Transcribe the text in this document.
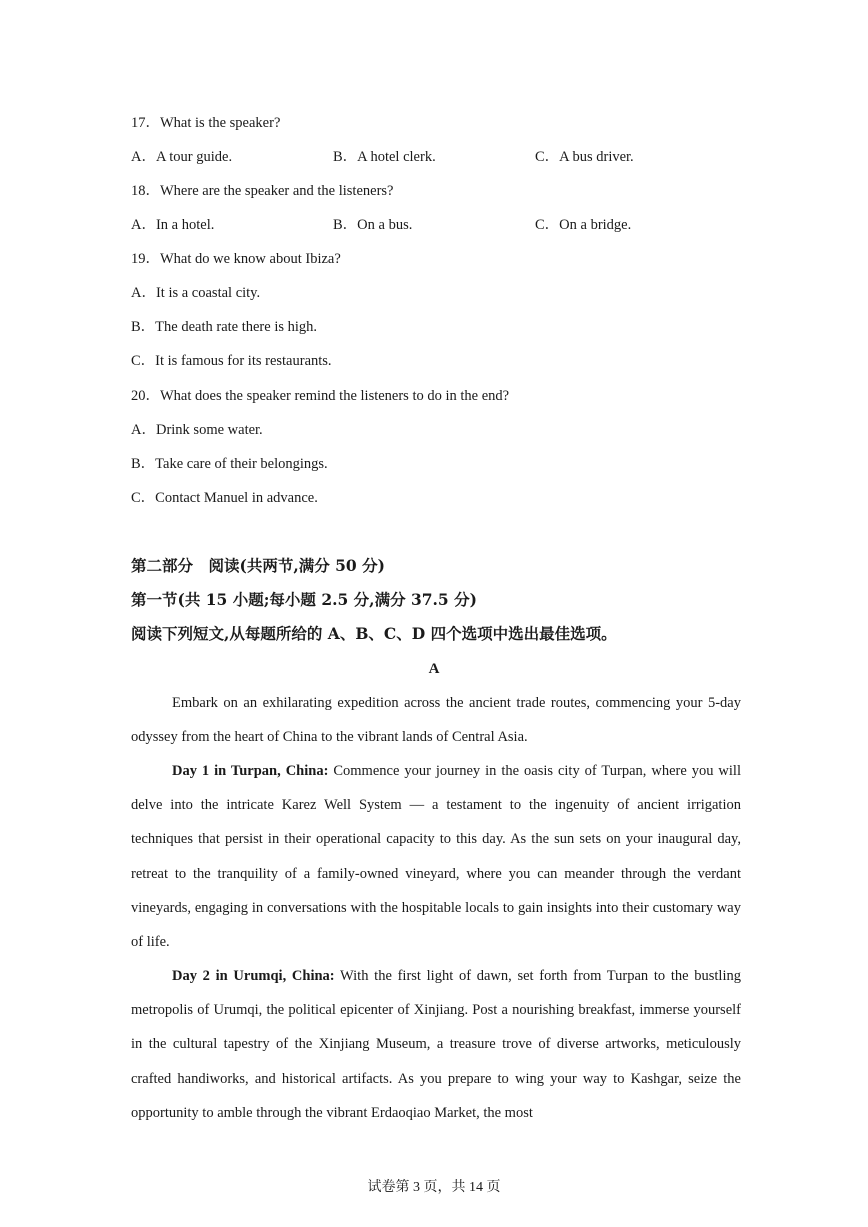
17．What is the speaker?
A．A tour guide.	B．A hotel clerk.	C．A bus driver.
18．Where are the speaker and the listeners?
A．In a hotel.	B．On a bus.	C．On a bridge.
19．What do we know about Ibiza?
A．It is a coastal city.
B．The death rate there is high.
C．It is famous for its restaurants.
20．What does the speaker remind the listeners to do in the end?
A．Drink some water.
B．Take care of their belongings.
C．Contact Manuel in advance.
第二部分　阅读(共两节,满分 50 分)
第一节(共 15 小题;每小题 2.5 分,满分 37.5 分)
阅读下列短文,从每题所给的 A、B、C、D 四个选项中选出最佳选项。
A
Embark on an exhilarating expedition across the ancient trade routes, commencing your 5-day odyssey from the heart of China to the vibrant lands of Central Asia.
Day 1 in Turpan, China: Commence your journey in the oasis city of Turpan, where you will delve into the intricate Karez Well System — a testament to the ingenuity of ancient irrigation techniques that persist in their operational capacity to this day. As the sun sets on your inaugural day, retreat to the tranquility of a family-owned vineyard, where you can meander through the verdant vineyards, engaging in conversations with the hospitable locals to gain insights into their customary way of life.
Day 2 in Urumqi, China: With the first light of dawn, set forth from Turpan to the bustling metropolis of Urumqi, the political epicenter of Xinjiang. Post a nourishing breakfast, immerse yourself in the cultural tapestry of the Xinjiang Museum, a treasure trove of diverse artworks, meticulously crafted handiworks, and historical artifacts. As you prepare to wing your way to Kashgar, seize the opportunity to amble through the vibrant Erdaoqiao Market, the most
试卷第 3 页，共 14 页
